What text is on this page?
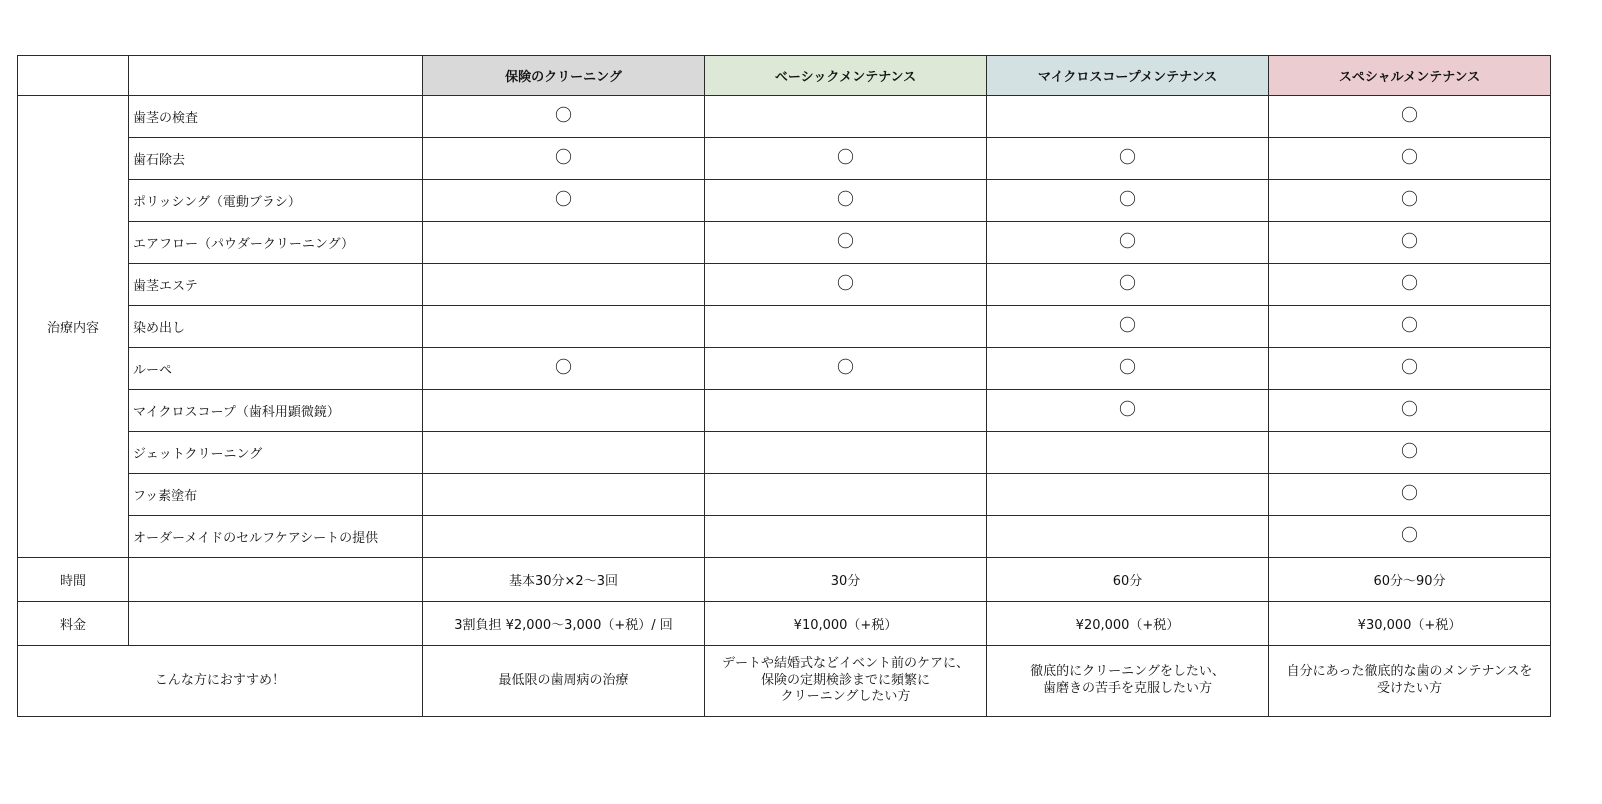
		保険のクリーニング	ベーシックメンテナンス	マイクロスコープメンテナンス	スペシャルメンテナンス
治療内容	歯茎の検査	〇			〇
	歯石除去	〇	〇	〇	〇
	ポリッシング（電動ブラシ）	〇	〇	〇	〇
	エアフロー（パウダークリーニング）		〇	〇	〇
	歯茎エステ		〇	〇	〇
	染め出し			〇	〇
	ルーペ	〇	〇	〇	〇
	マイクロスコープ（歯科用顕微鏡）			〇	〇
	ジェットクリーニング				〇
	フッ素塗布				〇
	オーダーメイドのセルフケアシートの提供				〇
時間		基本30分×2～3回	30分	60分	60分～90分
料金		3割負担 ¥2,000～3,000（+税）/ 回	¥10,000（+税）	¥20,000（+税）	¥30,000（+税）
こんな方におすすめ！		最低限の歯周病の治療	デートや結婚式などイベント前のケアに、
保険の定期検診までに頻繁に
クリーニングしたい方	徹底的にクリーニングをしたい、
歯磨きの苦手を克服したい方	自分にあった徹底的な歯のメンテナンスを
受けたい方
